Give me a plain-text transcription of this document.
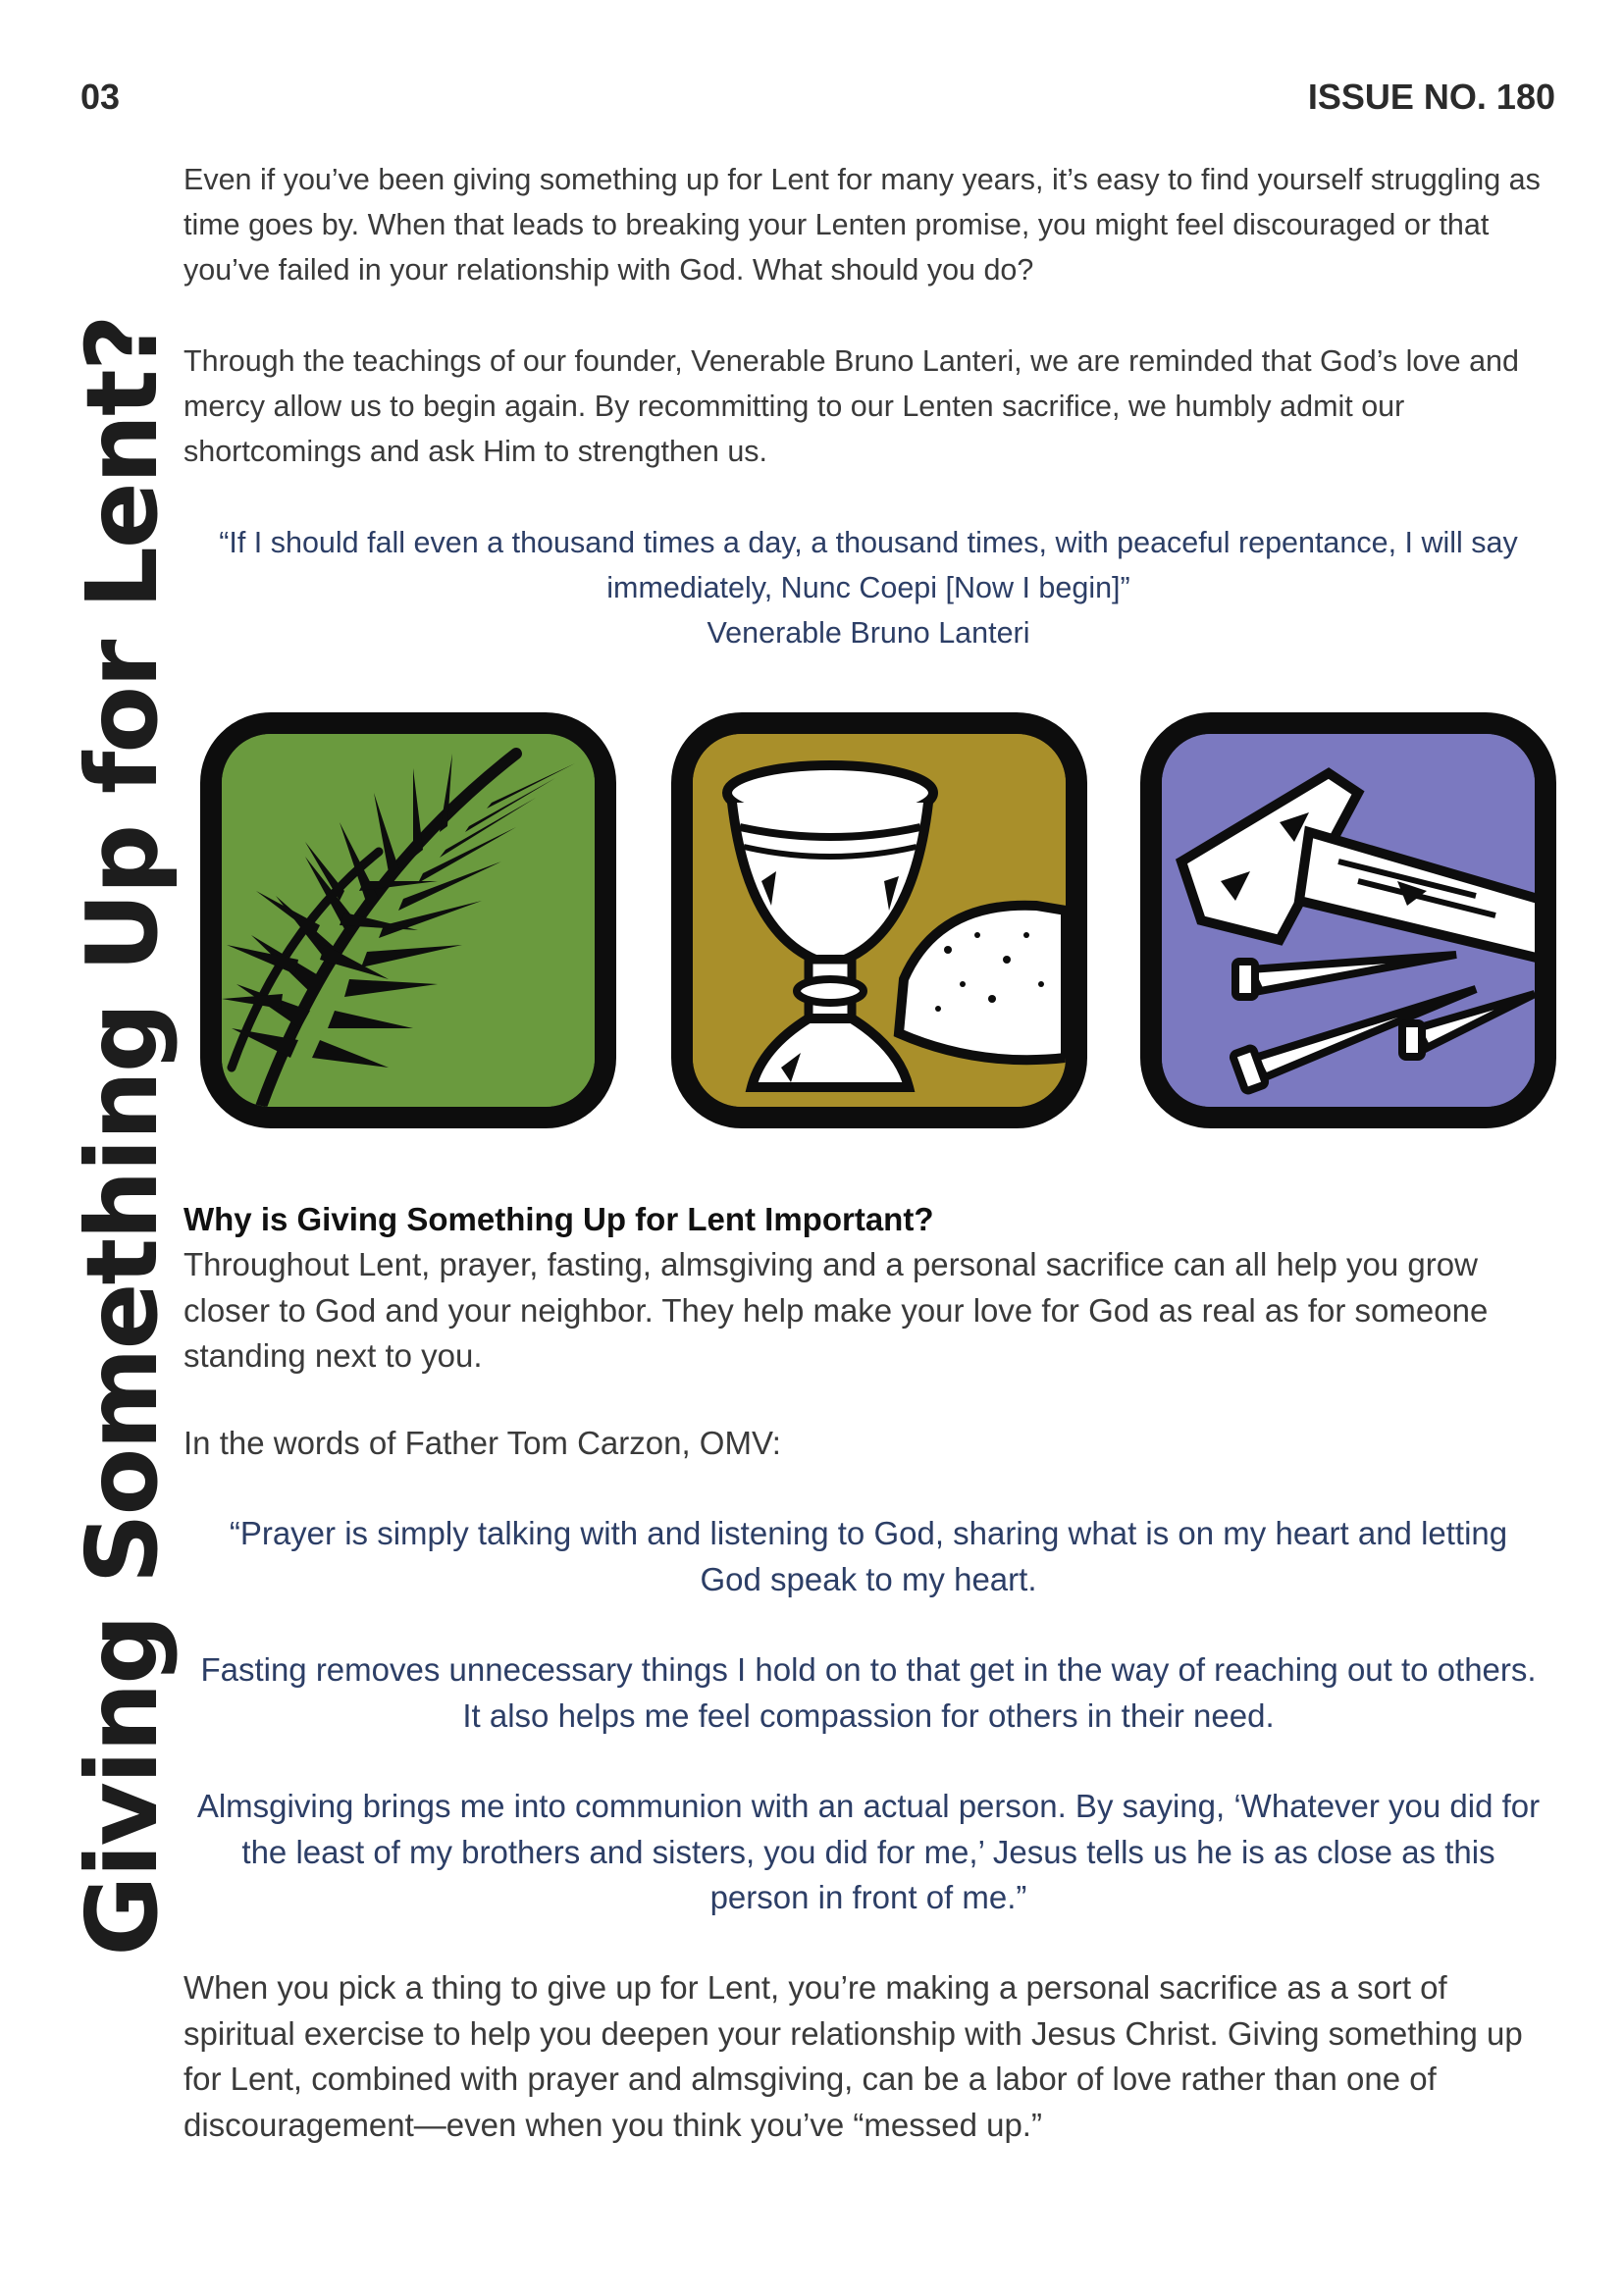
03	ISSUE NO. 180
Giving Something Up for Lent?

Even if you’ve been giving something up for Lent for many years, it’s easy to find yourself struggling as time goes by. When that leads to breaking your Lenten promise, you might feel discouraged or that you’ve failed in your relationship with God. What should you do?

Through the teachings of our founder, Venerable Bruno Lanteri, we are reminded that God’s love and mercy allow us to begin again. By recommitting to our Lenten sacrifice, we humbly admit our shortcomings and ask Him to strengthen us.

“If I should fall even a thousand times a day, a thousand times, with peaceful repentance, I will say immediately, Nunc Coepi [Now I begin]”

Venerable Bruno Lanteri

Why is Giving Something Up for Lent Important?

Throughout Lent, prayer, fasting, almsgiving and a personal sacrifice can all help you grow closer to God and your neighbor. They help make your love for God as real as for someone standing next to you.

In the words of Father Tom Carzon, OMV:

“Prayer is simply talking with and listening to God, sharing what is on my heart and letting God speak to my heart.

Fasting removes unnecessary things I hold on to that get in the way of reaching out to others. It also helps me feel compassion for others in their need.

Almsgiving brings me into communion with an actual person. By saying, ‘Whatever you did for the least of my brothers and sisters, you did for me,’ Jesus tells us he is as close as this person in front of me.”

When you pick a thing to give up for Lent, you’re making a personal sacrifice as a sort of spiritual exercise to help you deepen your relationship with Jesus Christ. Giving something up for Lent, combined with prayer and almsgiving, can be a labor of love rather than one of discouragement—even when you think you’ve “messed up.”
